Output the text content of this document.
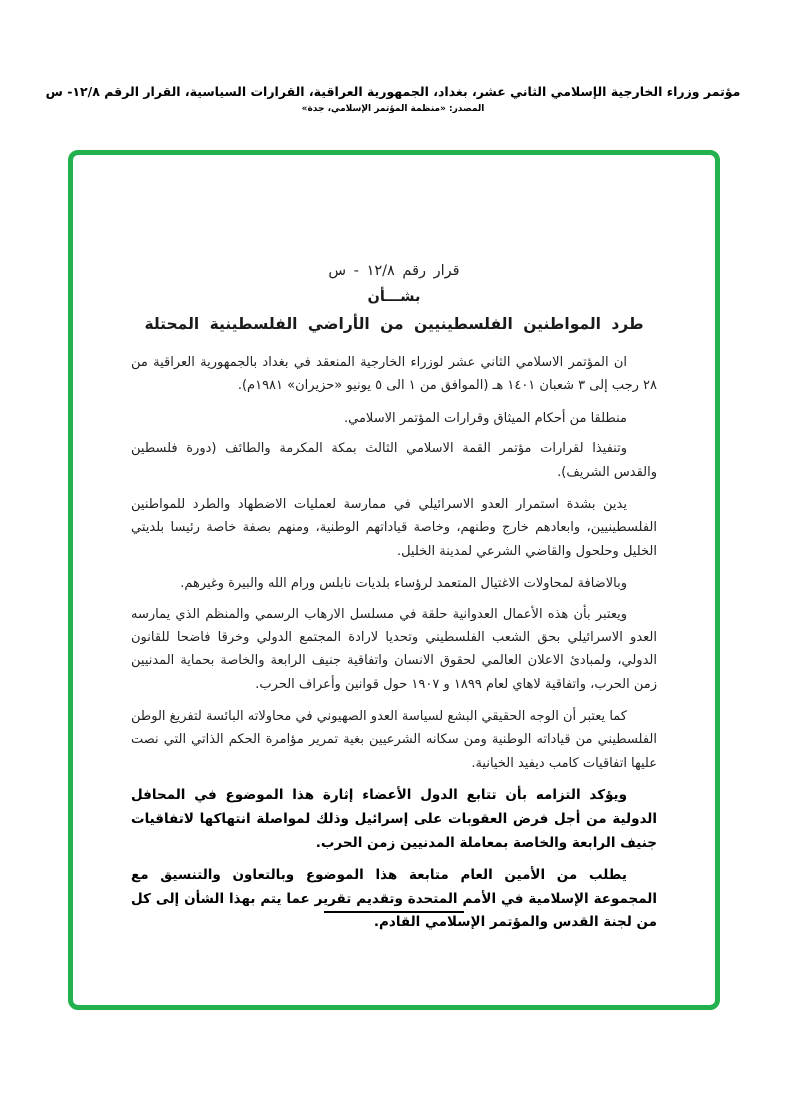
مؤتمر وزراء الخارجية الإسلامي الثاني عشر، بغداد، الجمهورية العراقية، القرارات السياسية، القرار الرقم ١٢/٨- س
المصدر: «منظمة المؤتمر الإسلامي، جدة»
قرار رقم ١٢/٨ - س
بشـــأن
طرد المواطنين الفلسطينيين من الأراضي الفلسطينية المحتلة

ان المؤتمر الاسلامي الثاني عشر لوزراء الخارجية المنعقد في بغداد بالجمهورية العراقية من ٢٨ رجب إلى ٣ شعبان ١٤٠١ هـ (الموافق من ١ الى ٥ يونيو «حزيران» ١٩٨١م).

منطلقا من أحكام الميثاق وقرارات المؤتمر الاسلامي.

وتنفيذا لقرارات مؤتمر القمة الاسلامي الثالث بمكة المكرمة والطائف (دورة فلسطين والقدس الشريف).

يدين بشدة استمرار العدو الاسرائيلي في ممارسة لعمليات الاضطهاد والطرد للمواطنين الفلسطينيين، وابعادهم خارج وطنهم، وخاصة قياداتهم الوطنية، ومنهم بصفة خاصة رئيسا بلديتي الخليل وحلحول والقاضي الشرعي لمدينة الخليل.

وبالاضافة لمحاولات الاغتيال المتعمد لرؤساء بلديات نابلس ورام الله والبيرة وغيرهم.

ويعتبر بأن هذه الأعمال العدوانية حلقة في مسلسل الارهاب الرسمي والمنظم الذي يمارسه العدو الاسرائيلي بحق الشعب الفلسطيني وتحديا لارادة المجتمع الدولي وخرقا فاضحا للقانون الدولي، ولمبادئ الاعلان العالمي لحقوق الانسان واتفاقية جنيف الرابعة والخاصة بحماية المدنيين زمن الحرب، واتفاقية لاهاي لعام ١٨٩٩ و ١٩٠٧ حول قوانين وأعراف الحرب.

كما يعتبر أن الوجه الحقيقي البشع لسياسة العدو الصهيوني في محاولاته البائسة لتفريغ الوطن الفلسطيني من قياداته الوطنية ومن سكانه الشرعيين بغية تمرير مؤامرة الحكم الذاتي التي نصت عليها اتفاقيات كامب ديفيد الخيانية.

ويؤكد التزامه بأن تتابع الدول الأعضاء إثارة هذا الموضوع في المحافل الدولية من أجل فرض العقوبات على إسرائيل وذلك لمواصلة انتهاكها لاتفاقيات جنيف الرابعة والخاصة بمعاملة المدنيين زمن الحرب.

يطلب من الأمين العام متابعة هذا الموضوع وبالتعاون والتنسيق مع المجموعة الإسلامية في الأمم المتحدة وتقديم تقرير عما يتم بهذا الشأن إلى كل من لجنة القدس والمؤتمر الإسلامي القادم.
